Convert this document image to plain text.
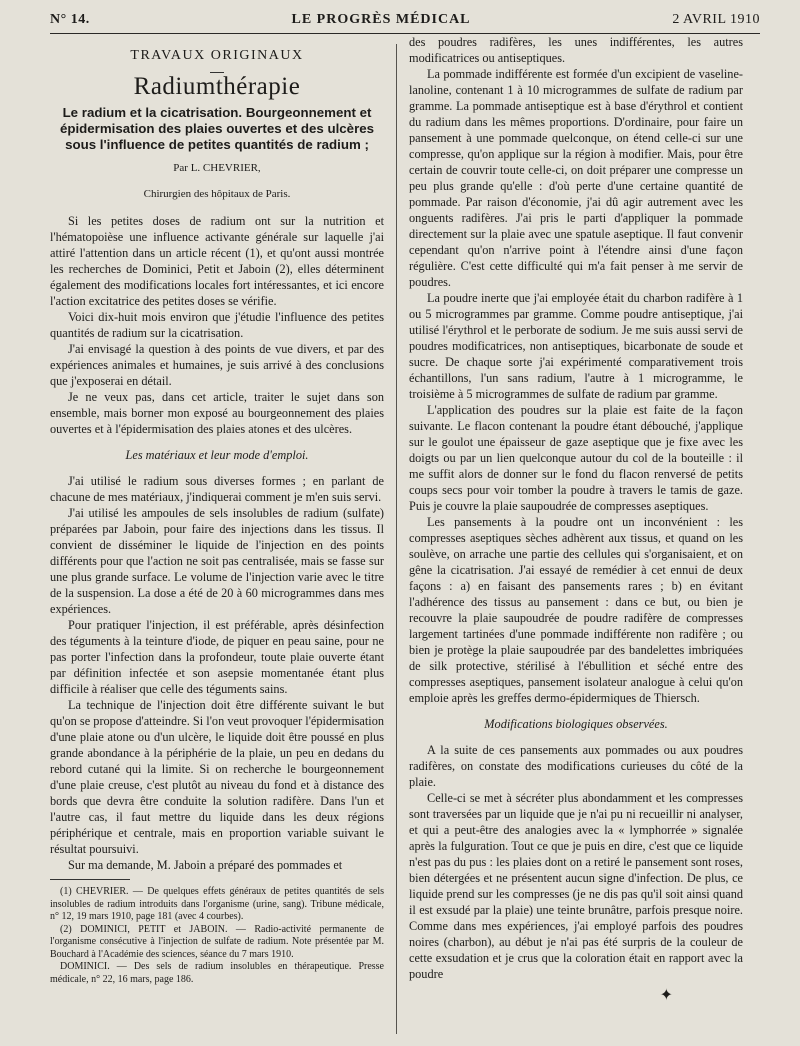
N° 14.	LE PROGRÈS MÉDICAL	2 AVRIL 1910
TRAVAUX ORIGINAUX
Radiumthérapie
Le radium et la cicatrisation. Bourgeonnement et épidermisation des plaies ouvertes et des ulcères sous l'influence de petites quantités de radium ;
Par L. CHEVRIER,
Chirurgien des hôpitaux de Paris.

Si les petites doses de radium ont sur la nutrition et l'hématopoièse une influence activante générale sur laquelle j'ai attiré l'attention dans un article récent (1), et qu'ont aussi montrée les recherches de Dominici, Petit et Jaboin (2), elles déterminent également des modifications locales fort intéressantes, et ici encore l'action excitatrice des petites doses se vérifie.

Voici dix-huit mois environ que j'étudie l'influence des petites quantités de radium sur la cicatrisation.

J'ai envisagé la question à des points de vue divers, et par des expériences animales et humaines, je suis arrivé à des conclusions que j'exposerai en détail.

Je ne veux pas, dans cet article, traiter le sujet dans son ensemble, mais borner mon exposé au bourgeonnement des plaies ouvertes et à l'épidermisation des plaies atones et des ulcères.

Les matériaux et leur mode d'emploi.

J'ai utilisé le radium sous diverses formes ; en parlant de chacune de mes matériaux, j'indiquerai comment je m'en suis servi.

J'ai utilisé les ampoules de sels insolubles de radium (sulfate) préparées par Jaboin, pour faire des injections dans les tissus. Il convient de disséminer le liquide de l'injection en des points différents pour que l'action ne soit pas centralisée, mais se fasse sur une plus grande surface. Le volume de l'injection varie avec le titre de la suspension. La dose a été de 20 à 60 microgrammes dans mes expériences.

Pour pratiquer l'injection, il est préférable, après désinfection des téguments à la teinture d'iode, de piquer en peau saine, pour ne pas porter l'infection dans la profondeur, toute plaie ouverte étant par définition infectée et son asepsie momentanée étant plus difficile à réaliser que celle des téguments sains.

La technique de l'injection doit être différente suivant le but qu'on se propose d'atteindre. Si l'on veut provoquer l'épidermisation d'une plaie atone ou d'un ulcère, le liquide doit être poussé en plus grande abondance à la périphérie de la plaie, un peu en dedans du rebord cutané qui la limite. Si on recherche le bourgeonnement d'une plaie creuse, c'est plutôt au niveau du fond et à distance des bords que devra être conduite la solution radifère. Dans l'un et l'autre cas, il faut mettre du liquide dans les deux régions périphérique et centrale, mais en proportion variable suivant le résultat poursuivi.

Sur ma demande, M. Jaboin a préparé des pommades et

(1) CHEVRIER. — De quelques effets généraux de petites quantités de sels insolubles de radium introduits dans l'organisme (urine, sang). Tribune médicale, n° 12, 19 mars 1910, page 181 (avec 4 courbes).

(2) DOMINICI, PETIT et JABOIN. — Radio-activité permanente de l'organisme consécutive à l'injection de sulfate de radium. Note présentée par M. Bouchard à l'Académie des sciences, séance du 7 mars 1910.

DOMINICI. — Des sels de radium insolubles en thérapeutique. Presse médicale, n° 22, 16 mars, page 186.

des poudres radifères, les unes indifférentes, les autres modificatrices ou antiseptiques.

La pommade indifférente est formée d'un excipient de vaseline-lanoline, contenant 1 à 10 microgrammes de sulfate de radium par gramme. La pommade antiseptique est à base d'érythrol et contient du radium dans les mêmes proportions. D'ordinaire, pour faire un pansement à une pommade quelconque, on étend celle-ci sur une compresse, qu'on applique sur la région à modifier. Mais, pour être certain de couvrir toute celle-ci, on doit préparer une compresse un peu plus grande qu'elle : d'où perte d'une certaine quantité de pommade. Par raison d'économie, j'ai dû agir autrement avec les onguents radifères. J'ai pris le parti d'appliquer la pommade directement sur la plaie avec une spatule aseptique. Il faut convenir cependant qu'on n'arrive point à l'étendre ainsi d'une façon régulière. C'est cette difficulté qui m'a fait penser à me servir de poudres.

La poudre inerte que j'ai employée était du charbon radifère à 1 ou 5 microgrammes par gramme. Comme poudre antiseptique, j'ai utilisé l'érythrol et le perborate de sodium. Je me suis aussi servi de poudres modificatrices, non antiseptiques, bicarbonate de soude et sucre. De chaque sorte j'ai expérimenté comparativement trois échantillons, l'un sans radium, l'autre à 1 microgramme, le troisième à 5 microgrammes de sulfate de radium par gramme.

L'application des poudres sur la plaie est faite de la façon suivante. Le flacon contenant la poudre étant débouché, j'applique sur le goulot une épaisseur de gaze aseptique que je fixe avec les doigts ou par un lien quelconque autour du col de la bouteille : il me suffit alors de donner sur le fond du flacon renversé de petits coups secs pour voir tomber la poudre à travers le tamis de gaze. Puis je couvre la plaie saupoudrée de compresses aseptiques.

Les pansements à la poudre ont un inconvénient : les compresses aseptiques sèches adhèrent aux tissus, et quand on les soulève, on arrache une partie des cellules qui s'organisaient, et on gêne la cicatrisation. J'ai essayé de remédier à cet ennui de deux façons : a) en faisant des pansements rares ; b) en évitant l'adhérence des tissus au pansement : dans ce but, ou bien je recouvre la plaie saupoudrée de poudre radifère de compresses largement tartinées d'une pommade indifférente non radifère ; ou bien je protège la plaie saupoudrée par des bandelettes imbriquées de silk protective, stérilisé à l'ébullition et séché entre des compresses aseptiques, pansement isolateur analogue à celui qu'on emploie après les greffes dermo-épidermiques de Thiersch.

Modifications biologiques observées.

A la suite de ces pansements aux pommades ou aux poudres radifères, on constate des modifications curieuses du côté de la plaie.

Celle-ci se met à sécréter plus abondamment et les compresses sont traversées par un liquide que je n'ai pu ni recueillir ni analyser, et qui a peut-être des analogies avec la « lymphorrée » signalée après la fulguration. Tout ce que je puis en dire, c'est que ce liquide n'est pas du pus : les plaies dont on a retiré le pansement sont roses, bien détergées et ne présentent aucun signe d'infection. De plus, ce liquide prend sur les compresses (je ne dis pas qu'il soit ainsi quand il est exsudé par la plaie) une teinte brunâtre, parfois presque noire. Comme dans mes expériences, j'ai employé parfois des poudres noires (charbon), au début je n'ai pas été surpris de la couleur de cette exsudation et je crus que la coloration était en rapport avec la poudre

✦
